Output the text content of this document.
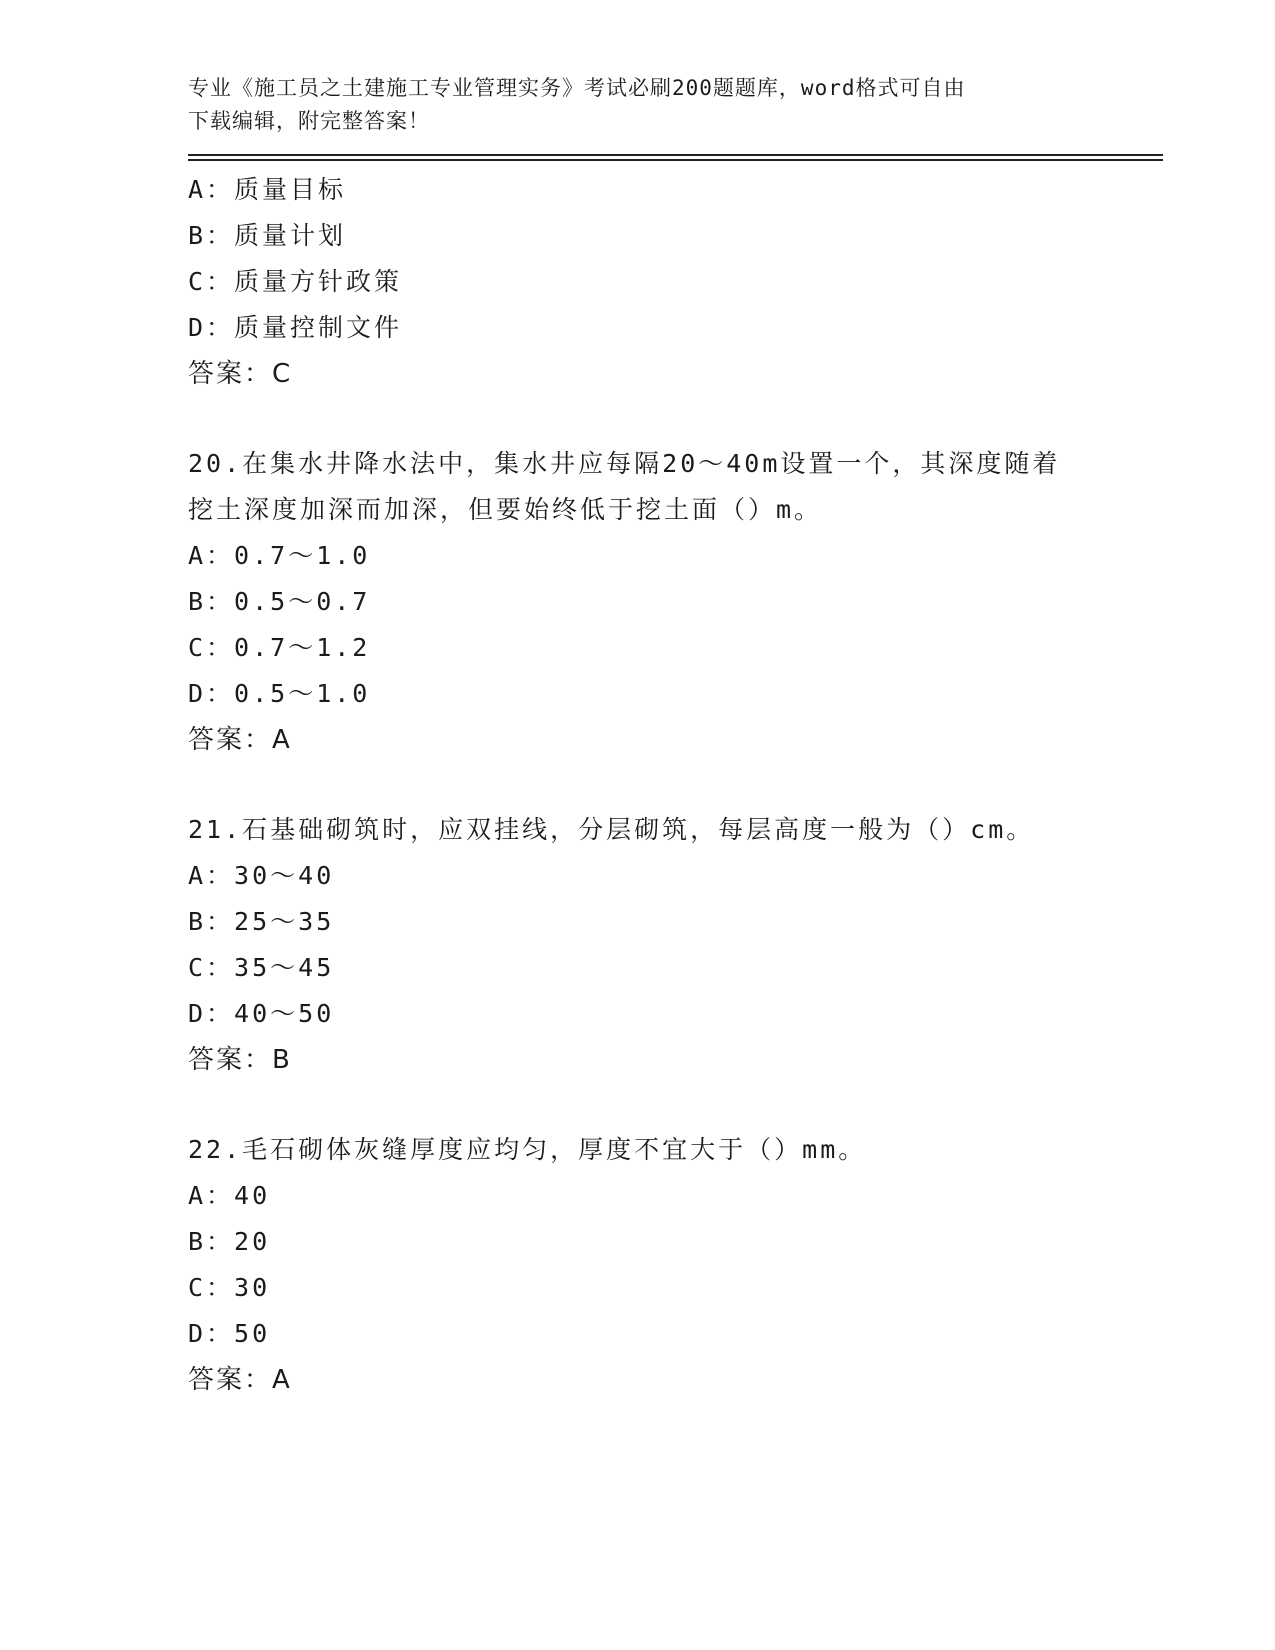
专业《施工员之土建施工专业管理实务》考试必刷200题题库，word格式可自由
下载编辑，附完整答案！
A：质量目标
B：质量计划
C：质量方针政策
D：质量控制文件
答案：C
20.在集水井降水法中，集水井应每隔20～40m设置一个，其深度随着
挖土深度加深而加深，但要始终低于挖土面（）m。
A：0.7～1.0
B：0.5～0.7
C：0.7～1.2
D：0.5～1.0
答案：A
21.石基础砌筑时，应双挂线，分层砌筑，每层高度一般为（）cm。
A：30～40
B：25～35
C：35～45
D：40～50
答案：B
22.毛石砌体灰缝厚度应均匀，厚度不宜大于（）mm。
A：40
B：20
C：30
D：50
答案：A
